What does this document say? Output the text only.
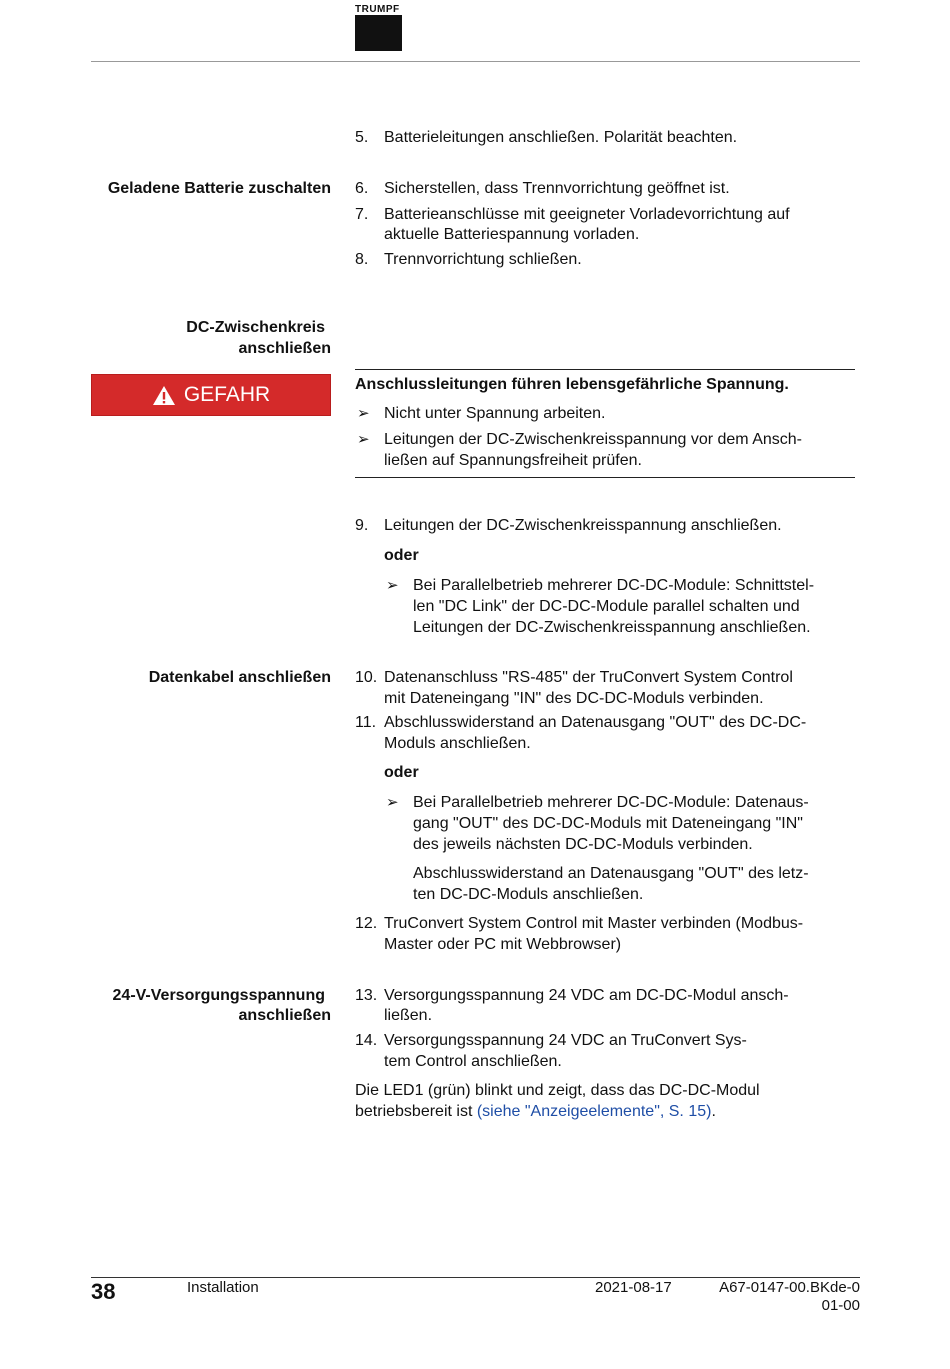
TRUMPF
5. Batterieleitungen anschließen. Polarität beachten.
Geladene Batterie zuschalten 6. Sicherstellen, dass Trennvorrichtung geöffnet ist.
7. Batterieanschlüsse mit geeigneter Vorladevorrichtung auf
aktuelle Batteriespannung vorladen.
8. Trennvorrichtung schließen.
DC-Zwischenkreis
anschließen
GEFAHR	Anschlussleitungen führen lebensgefährliche Spannung.
➢ Nicht unter Spannung arbeiten.
➢ Leitungen der DC-Zwischenkreisspannung vor dem Ansch-
ließen auf Spannungsfreiheit prüfen.
9. Leitungen der DC-Zwischenkreisspannung anschließen.
oder
➢ Bei Parallelbetrieb mehrerer DC-DC-Module: Schnittstel-
len "DC Link" der DC-DC-Module parallel schalten und
Leitungen der DC-Zwischenkreisspannung anschließen.
Datenkabel anschließen 10. Datenanschluss "RS-485" der TruConvert System Control
mit Dateneingang "IN" des DC-DC-Moduls verbinden.
11. Abschlusswiderstand an Datenausgang "OUT" des DC-DC-
Moduls anschließen.
oder
➢ Bei Parallelbetrieb mehrerer DC-DC-Module: Datenaus-
gang "OUT" des DC-DC-Moduls mit Dateneingang "IN"
des jeweils nächsten DC-DC-Moduls verbinden.
Abschlusswiderstand an Datenausgang "OUT" des letz-
ten DC-DC-Moduls anschließen.
12. TruConvert System Control mit Master verbinden (Modbus-
Master oder PC mit Webbrowser)
24-V-Versorgungsspannung
anschließen
13. Versorgungsspannung 24 VDC am DC-DC-Modul ansch-
ließen.
14. Versorgungsspannung 24 VDC an TruConvert Sys-
tem Control anschließen.
Die LED1 (grün) blinkt und zeigt, dass das DC-DC-Modul
betriebsbereit ist (siehe "Anzeigeelemente", S. 15).
38	Installation	2021-08-17	A67-0147-00.BKde-0
01-00
